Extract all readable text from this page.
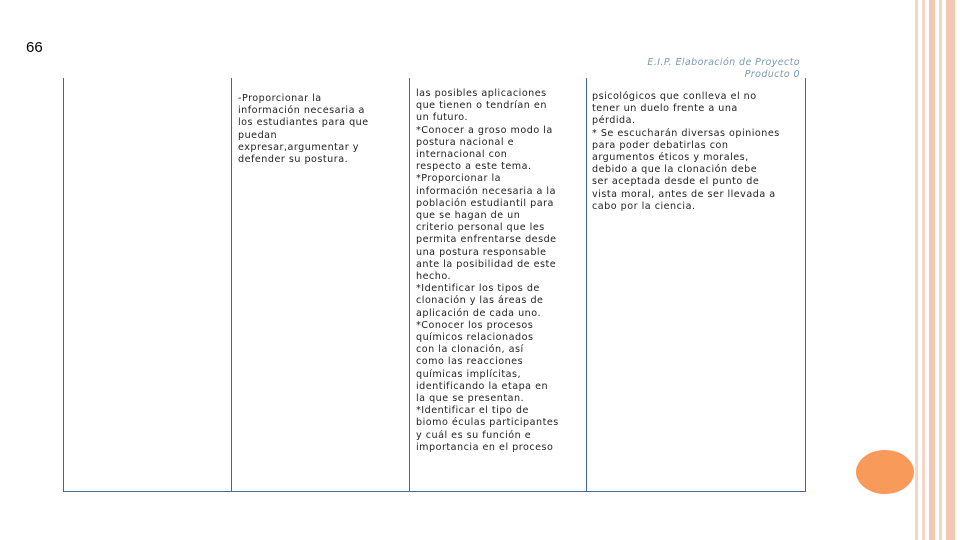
66
E.I.P. Elaboración de Proyecto
Producto 0
-Proporcionar la
información necesaria a
los estudiantes para que
puedan
expresar,argumentar y
defender su postura.
las posibles aplicaciones
que tienen o tendrían en
un futuro.
*Conocer a groso modo la
postura nacional e
internacional con
respecto a este tema.
*Proporcionar la
información necesaria a la
población estudiantil para
que se hagan de un
criterio personal que les
permita enfrentarse desde
una postura responsable
ante la posibilidad de este
hecho.
*Identificar los tipos de
clonación y las áreas de
aplicación de cada uno.
*Conocer los procesos
químicos relacionados
con la clonación, así
como las reacciones
químicas implícitas,
identificando la etapa en
la que se presentan.
*Identificar el tipo de
biomo éculas participantes
y cuál es su función e
importancia en el proceso
psicológicos que conlleva el no
tener un duelo frente a una
pérdida.
* Se escucharán diversas opiniones
para poder debatirlas con
argumentos éticos y morales,
debido a que la clonación debe
ser aceptada desde el punto de
vista moral, antes de ser llevada a
cabo por la ciencia.
